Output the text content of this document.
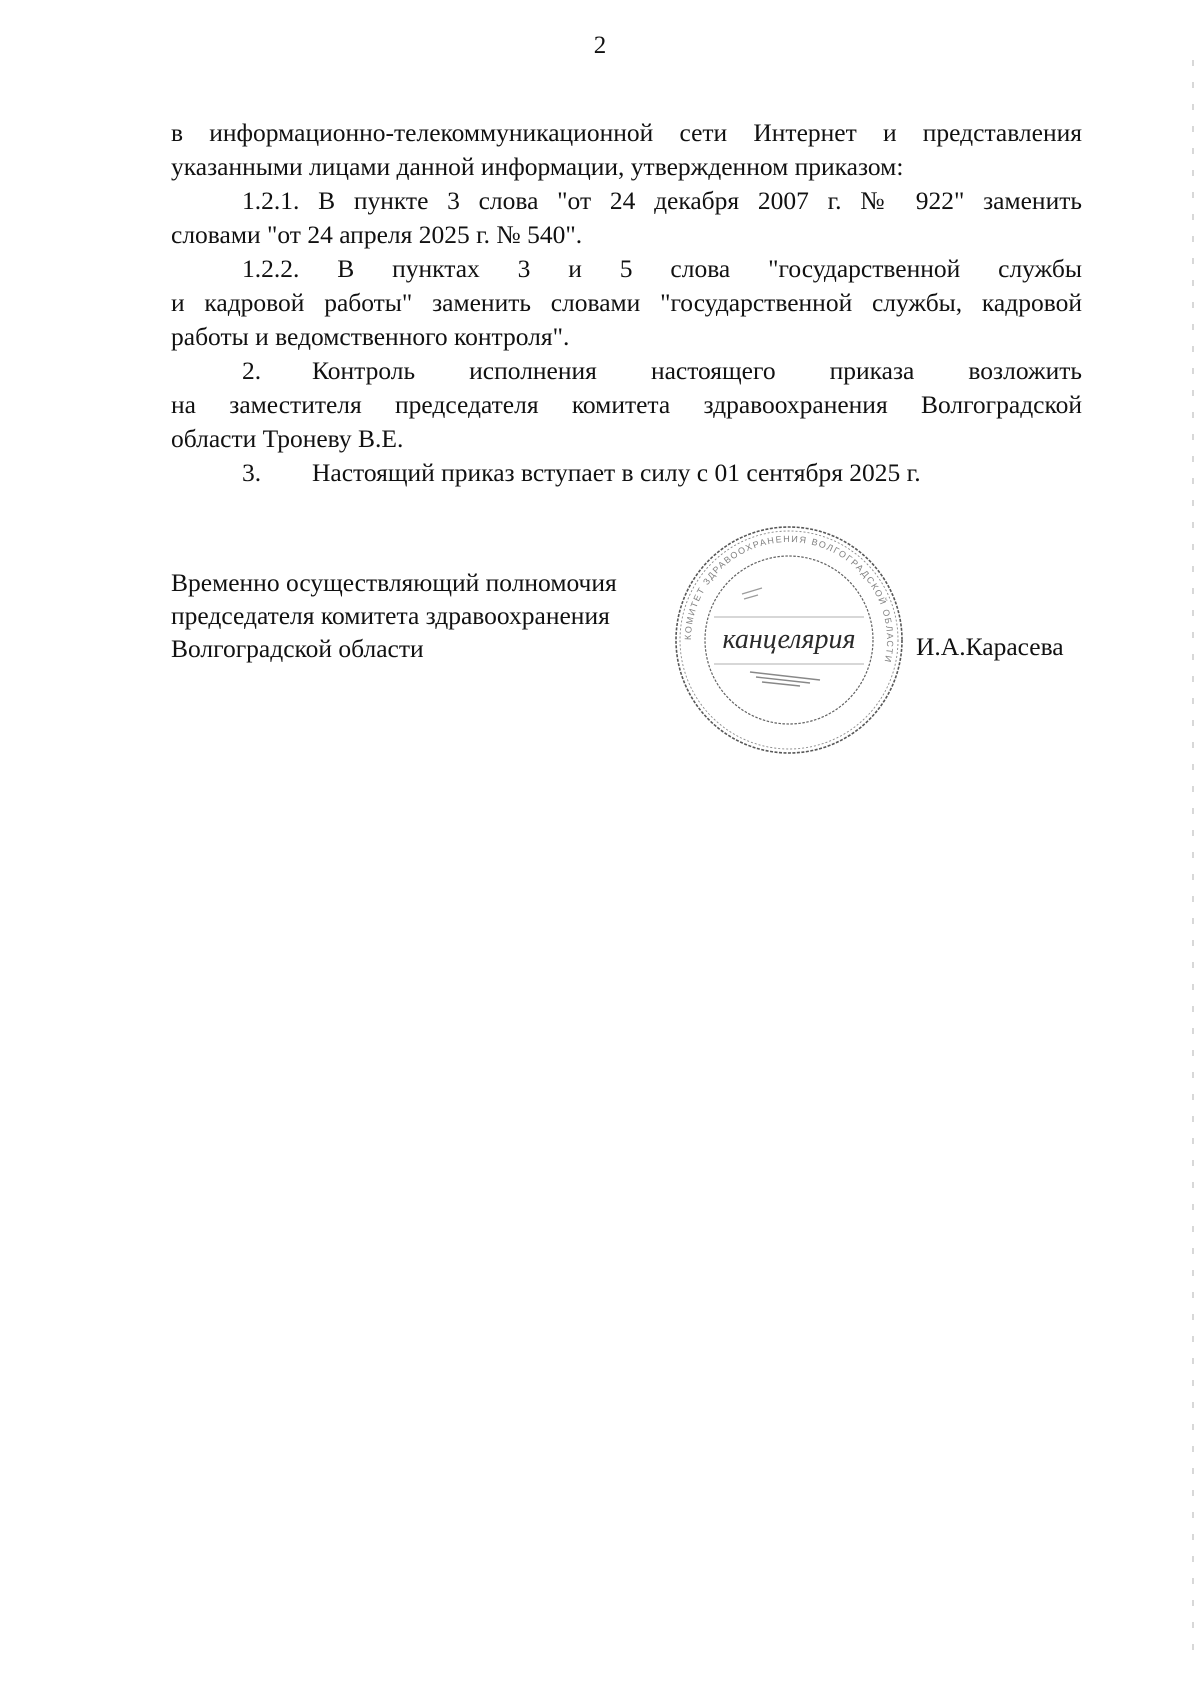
2

в информационно-телекоммуникационной сети Интернет и представления

указанными лицами данной информации, утвержденном приказом:

1.2.1. В пункте 3 слова "от 24 декабря 2007 г. № 922" заменить

словами "от 24 апреля 2025 г. № 540".

1.2.2. В пунктах 3 и 5 слова "государственной службы

и кадровой работы" заменить словами "государственной службы, кадровой

работы и ведомственного контроля".

2.	Контроль исполнения настоящего приказа возложить

на заместителя председателя комитета здравоохранения Волгоградской

области Троневу В.Е.

3.	Настоящий приказ вступает в силу с 01 сентября 2025 г.
Временно осуществляющий полномочия
председателя комитета здравоохранения
Волгоградской области	КОМИТЕТ ЗДРАВООХРАНЕНИЯ ВОЛГОГРАДСКОЙ ОБЛАСТИ
канцелярия И.А.Карасева
